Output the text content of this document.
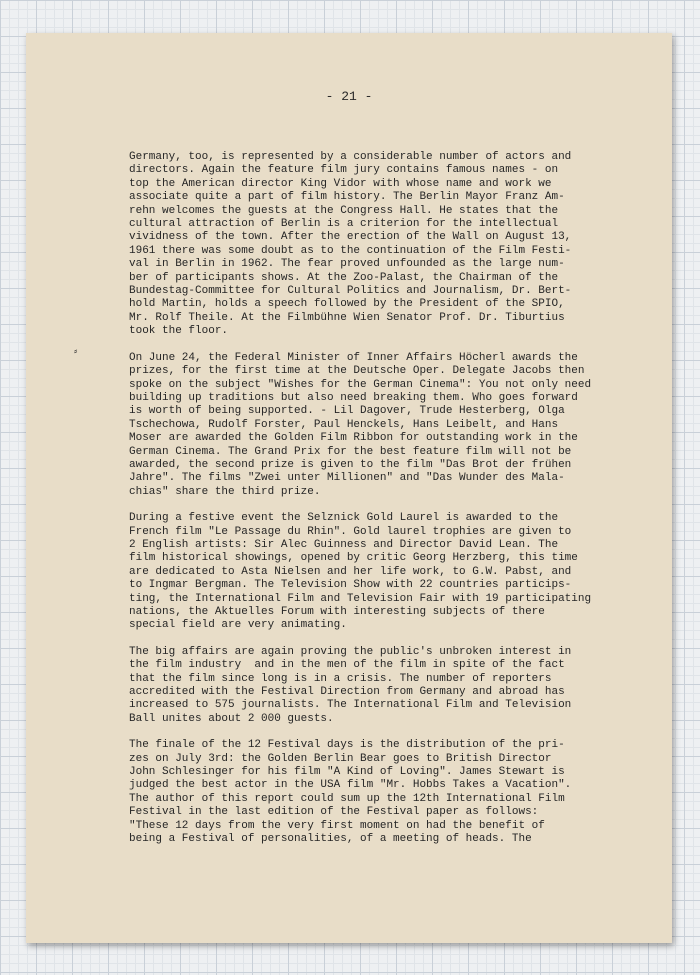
- 21 -
⸗
Germany, too, is represented by a considerable number of actors and
directors. Again the feature film jury contains famous names - on
top the American director King Vidor with whose name and work we
associate quite a part of film history. The Berlin Mayor Franz Am-
rehn welcomes the guests at the Congress Hall. He states that the
cultural attraction of Berlin is a criterion for the intellectual
vividness of the town. After the erection of the Wall on August 13,
1961 there was some doubt as to the continuation of the Film Festi-
val in Berlin in 1962. The fear proved unfounded as the large num-
ber of participants shows. At the Zoo-Palast, the Chairman of the
Bundestag-Committee for Cultural Politics and Journalism, Dr. Bert-
hold Martin, holds a speech followed by the President of the SPIO,
Mr. Rolf Theile. At the Filmbühne Wien Senator Prof. Dr. Tiburtius
took the floor.
On June 24, the Federal Minister of Inner Affairs Höcherl awards the
prizes, for the first time at the Deutsche Oper. Delegate Jacobs then
spoke on the subject "Wishes for the German Cinema": You not only need
building up traditions but also need breaking them. Who goes forward
is worth of being supported. - Lil Dagover, Trude Hesterberg, Olga
Tschechowa, Rudolf Forster, Paul Henckels, Hans Leibelt, and Hans
Moser are awarded the Golden Film Ribbon for outstanding work in the
German Cinema. The Grand Prix for the best feature film will not be
awarded, the second prize is given to the film "Das Brot der frühen
Jahre". The films "Zwei unter Millionen" and "Das Wunder des Mala-
chias" share the third prize.
During a festive event the Selznick Gold Laurel is awarded to the
French film "Le Passage du Rhin". Gold laurel trophies are given to
2 English artists: Sir Alec Guinness and Director David Lean. The
film historical showings, opened by critic Georg Herzberg, this time
are dedicated to Asta Nielsen and her life work, to G.W. Pabst, and
to Ingmar Bergman. The Television Show with 22 countries particips-
ting, the International Film and Television Fair with 19 participating
nations, the Aktuelles Forum with interesting subjects of there
special field are very animating.
The big affairs are again proving the public's unbroken interest in
the film industry  and in the men of the film in spite of the fact
that the film since long is in a crisis. The number of reporters
accredited with the Festival Direction from Germany and abroad has
increased to 575 journalists. The International Film and Television
Ball unites about 2 000 guests.
The finale of the 12 Festival days is the distribution of the pri-
zes on July 3rd: the Golden Berlin Bear goes to British Director
John Schlesinger for his film "A Kind of Loving". James Stewart is
judged the best actor in the USA film "Mr. Hobbs Takes a Vacation".
The author of this report could sum up the 12th International Film
Festival in the last edition of the Festival paper as follows:
"These 12 days from the very first moment on had the benefit of
being a Festival of personalities, of a meeting of heads. The
